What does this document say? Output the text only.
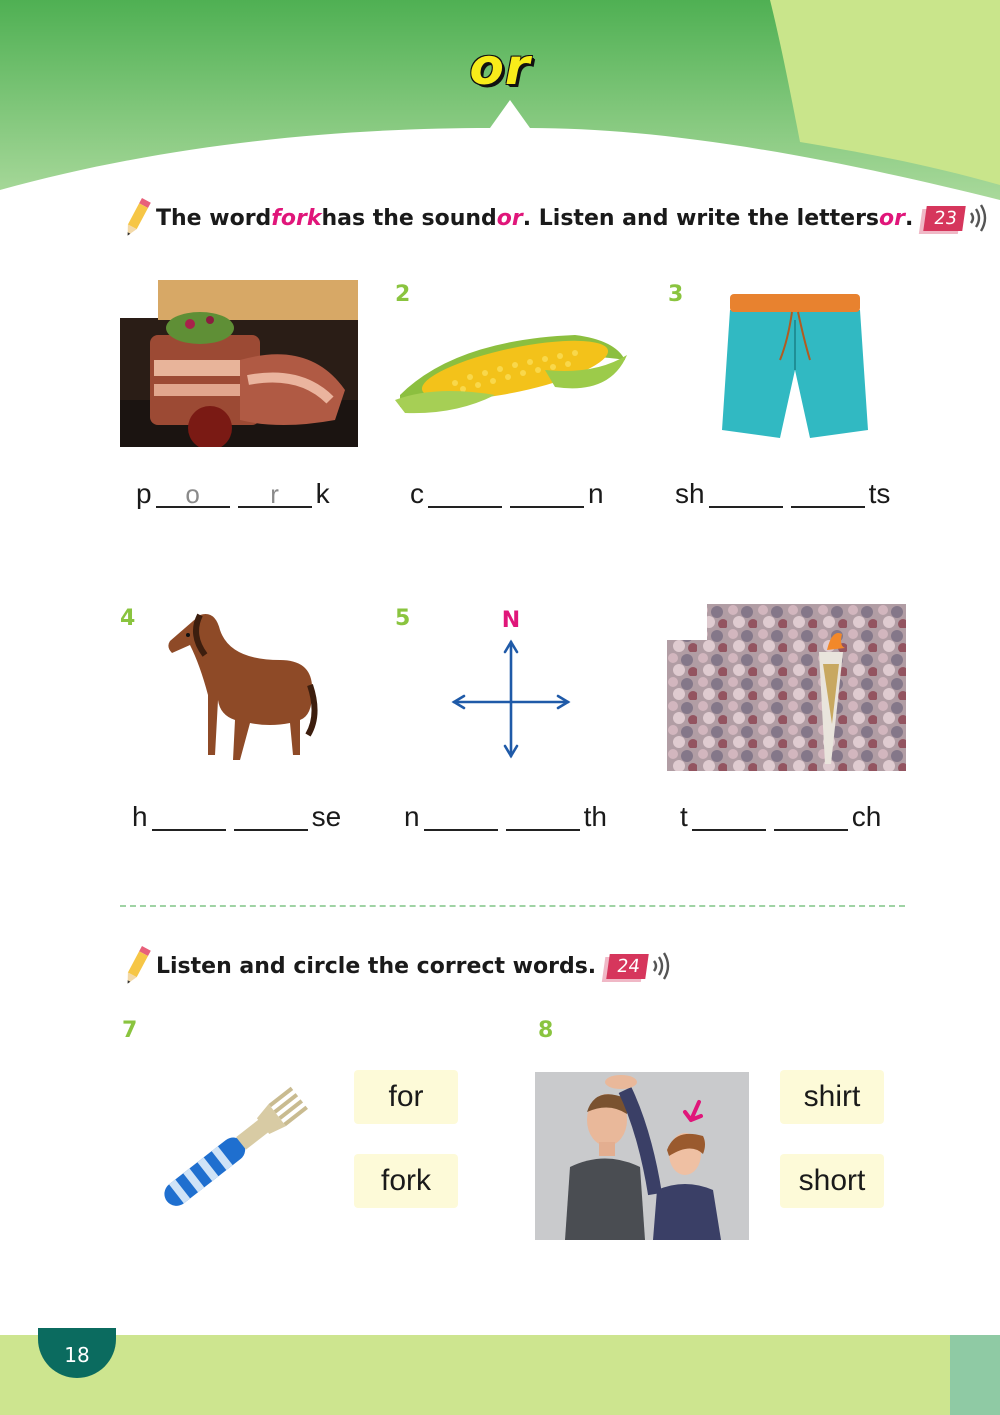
or
The word fork has the sound or . Listen and write the letters or .	23
p	o	r	k
2
c	n
3
sh	ts
4
h	se
5	N
n	th	t	ch
Listen and circle the correct words.	24
7
for
fork
8
shirt
short
18
